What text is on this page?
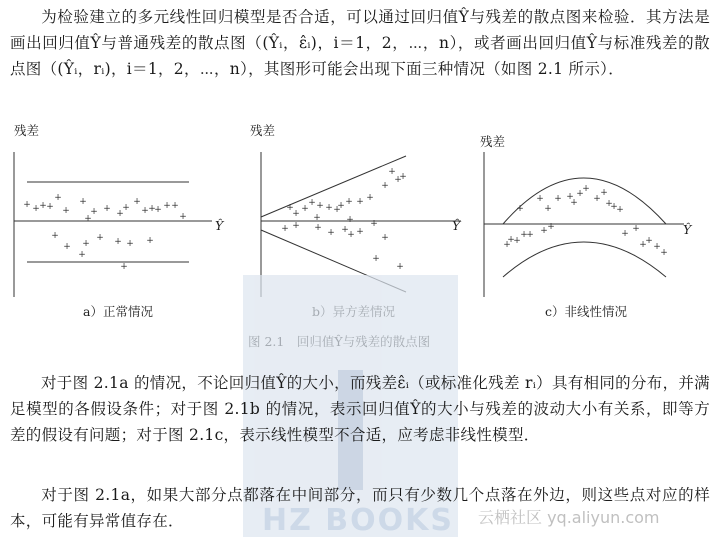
为检验建立的多元线性回归模型是否合适，可以通过回归值Ŷ与残差的散点图来检验．其方法是画出回归值Ŷ与普通残差的散点图（(Ŷᵢ，ε̂ᵢ)，i＝1，2，⋯，n），或者画出回归值Ŷ与标准残差的散点图（(Ŷᵢ，rᵢ)，i＝1，2，⋯，n），其图形可能会出现下面三种情况（如图 2.1 所示）．

残差
Ŷ
a）正常情况
+ + + +
+
+
+
+
+ + +
+
+
+ +
+ + +
+
+ +
+ + + +
+
+
+
残差
Ŷ
+
+ +
+ + + + + + +
+
+
+
+
+ + + + +
+ +
+
+
+
+
+
+	+
残差
Ŷ
c）非线性情况
+ + + +
+
+
+
+
+
+
+
+
+
+
+
+ + +
+
+ +
+
+
+
+
+

对于图 2.1a 的情况，不论回归值Ŷ的大小，而残差ε̂ᵢ（或标准化残差 rᵢ）具有相同的分布，并满足模型的各假设条件；对于图 2.1b 的情况，表示回归值Ŷ的大小与残差的波动大小有关系，即等方差的假设有问题；对于图 2.1c，表示线性模型不合适，应考虑非线性模型．

对于图 2.1a，如果大部分点都落在中间部分，而只有少数几个点落在外边，则这些点对应的样本，可能有异常值存在．	HZ BOOKS 云栖社区 yq.aliyun.com
